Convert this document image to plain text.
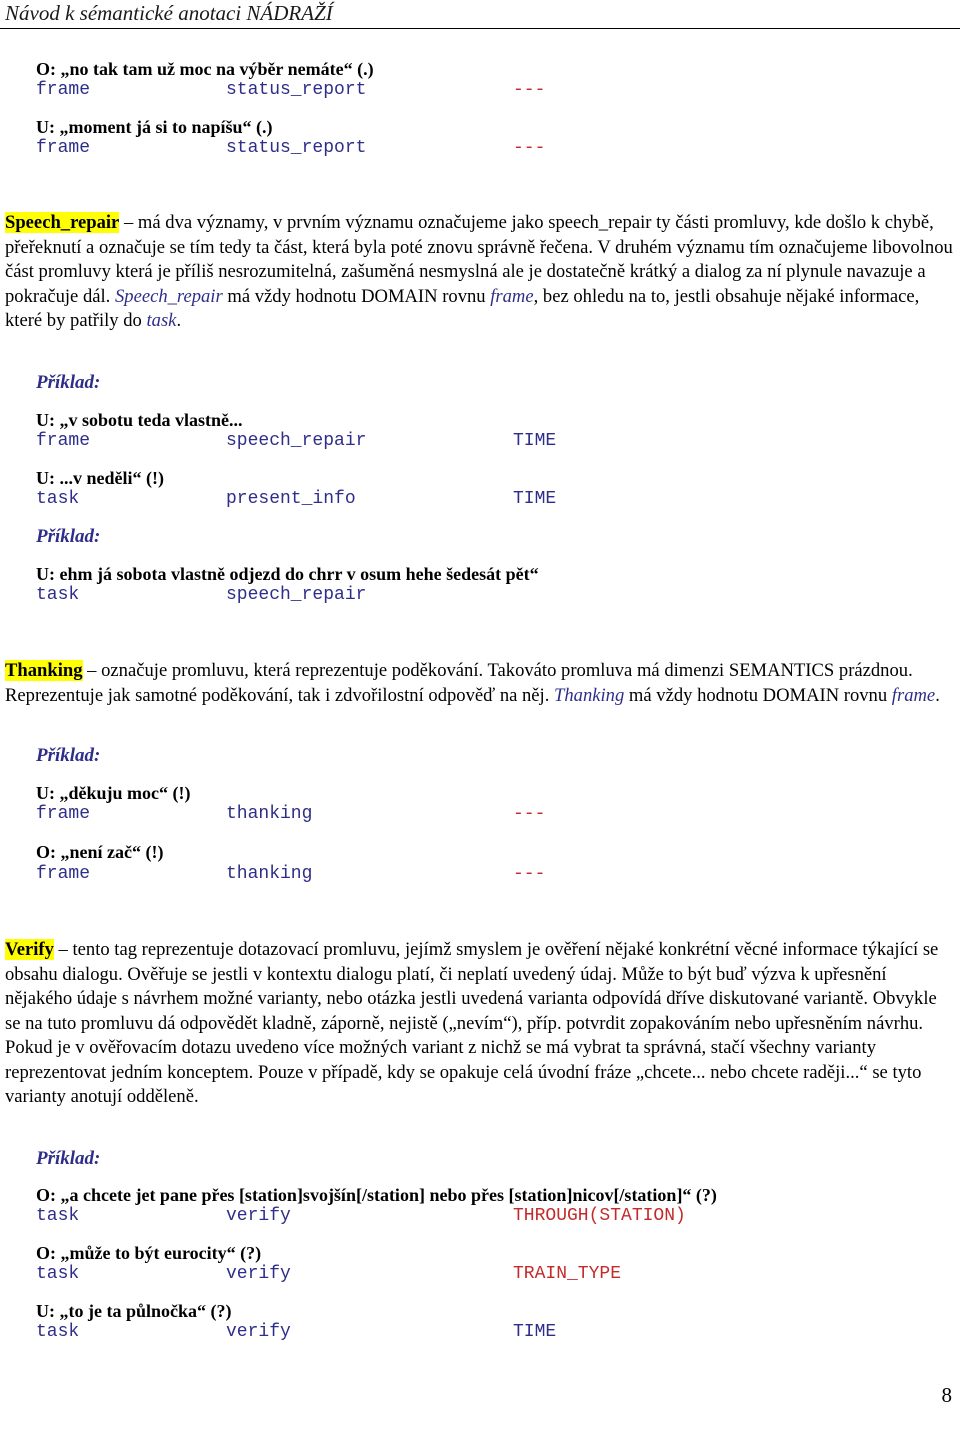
Návod k sémantické anotaci NÁDRAŽÍ
O: „no tak tam už moc na výběr nemáte“ (.)
frame	status_report	---
U: „moment já si to napíšu“ (.)
frame	status_report	---
Speech_repair – má dva významy, v prvním významu označujeme jako speech_repair ty části promluvy, kde došlo k chybě, přeřeknutí a označuje se tím tedy ta část, která byla poté znovu správně řečena. V druhém významu tím označujeme libovolnou část promluvy která je příliš nesrozumitelná, zašuměná nesmyslná ale je dostatečně krátký a dialog za ní plynule navazuje a pokračuje dál. Speech_repair má vždy hodnotu DOMAIN rovnu frame, bez ohledu na to, jestli obsahuje nějaké informace, které by patřily do task.
Příklad:
U: „v sobotu teda vlastně...
frame	speech_repair	TIME
U: ...v neděli“ (!)
task	present_info	TIME
Příklad:
U: ehm já sobota vlastně odjezd do chrr v osum hehe šedesát pět“
task	speech_repair
Thanking – označuje promluvu, která reprezentuje poděkování. Takováto promluva má dimenzi SEMANTICS prázdnou. Reprezentuje jak samotné poděkování, tak i zdvořilostní odpověď na něj. Thanking má vždy hodnotu DOMAIN rovnu frame.
Příklad:
U: „děkuju moc“ (!)
frame	thanking	---
O: „není zač“ (!)
frame	thanking	---
Verify – tento tag reprezentuje dotazovací promluvu, jejímž smyslem je ověření nějaké konkrétní věcné informace týkající se obsahu dialogu. Ověřuje se jestli v kontextu dialogu platí, či neplatí uvedený údaj. Může to být buď výzva k upřesnění nějakého údaje s návrhem možné varianty, nebo otázka jestli uvedená varianta odpovídá dříve diskutované variantě. Obvykle se na tuto promluvu dá odpovědět kladně, záporně, nejistě („nevím“), příp. potvrdit zopakováním nebo upřesněním návrhu. Pokud je v ověřovacím dotazu uvedeno více možných variant z nichž se má vybrat ta správná, stačí všechny varianty reprezentovat jedním konceptem. Pouze v případě, kdy se opakuje celá úvodní fráze „chcete... nebo chcete raději...“ se tyto varianty anotují odděleně.
Příklad:
O: „a chcete jet pane přes [station]svojšín[/station] nebo přes [station]nicov[/station]“ (?)
task	verify	THROUGH(STATION)
O: „může to být eurocity“ (?)
task	verify	TRAIN_TYPE
U: „to je ta půlnočka“ (?)
task	verify	TIME
8
